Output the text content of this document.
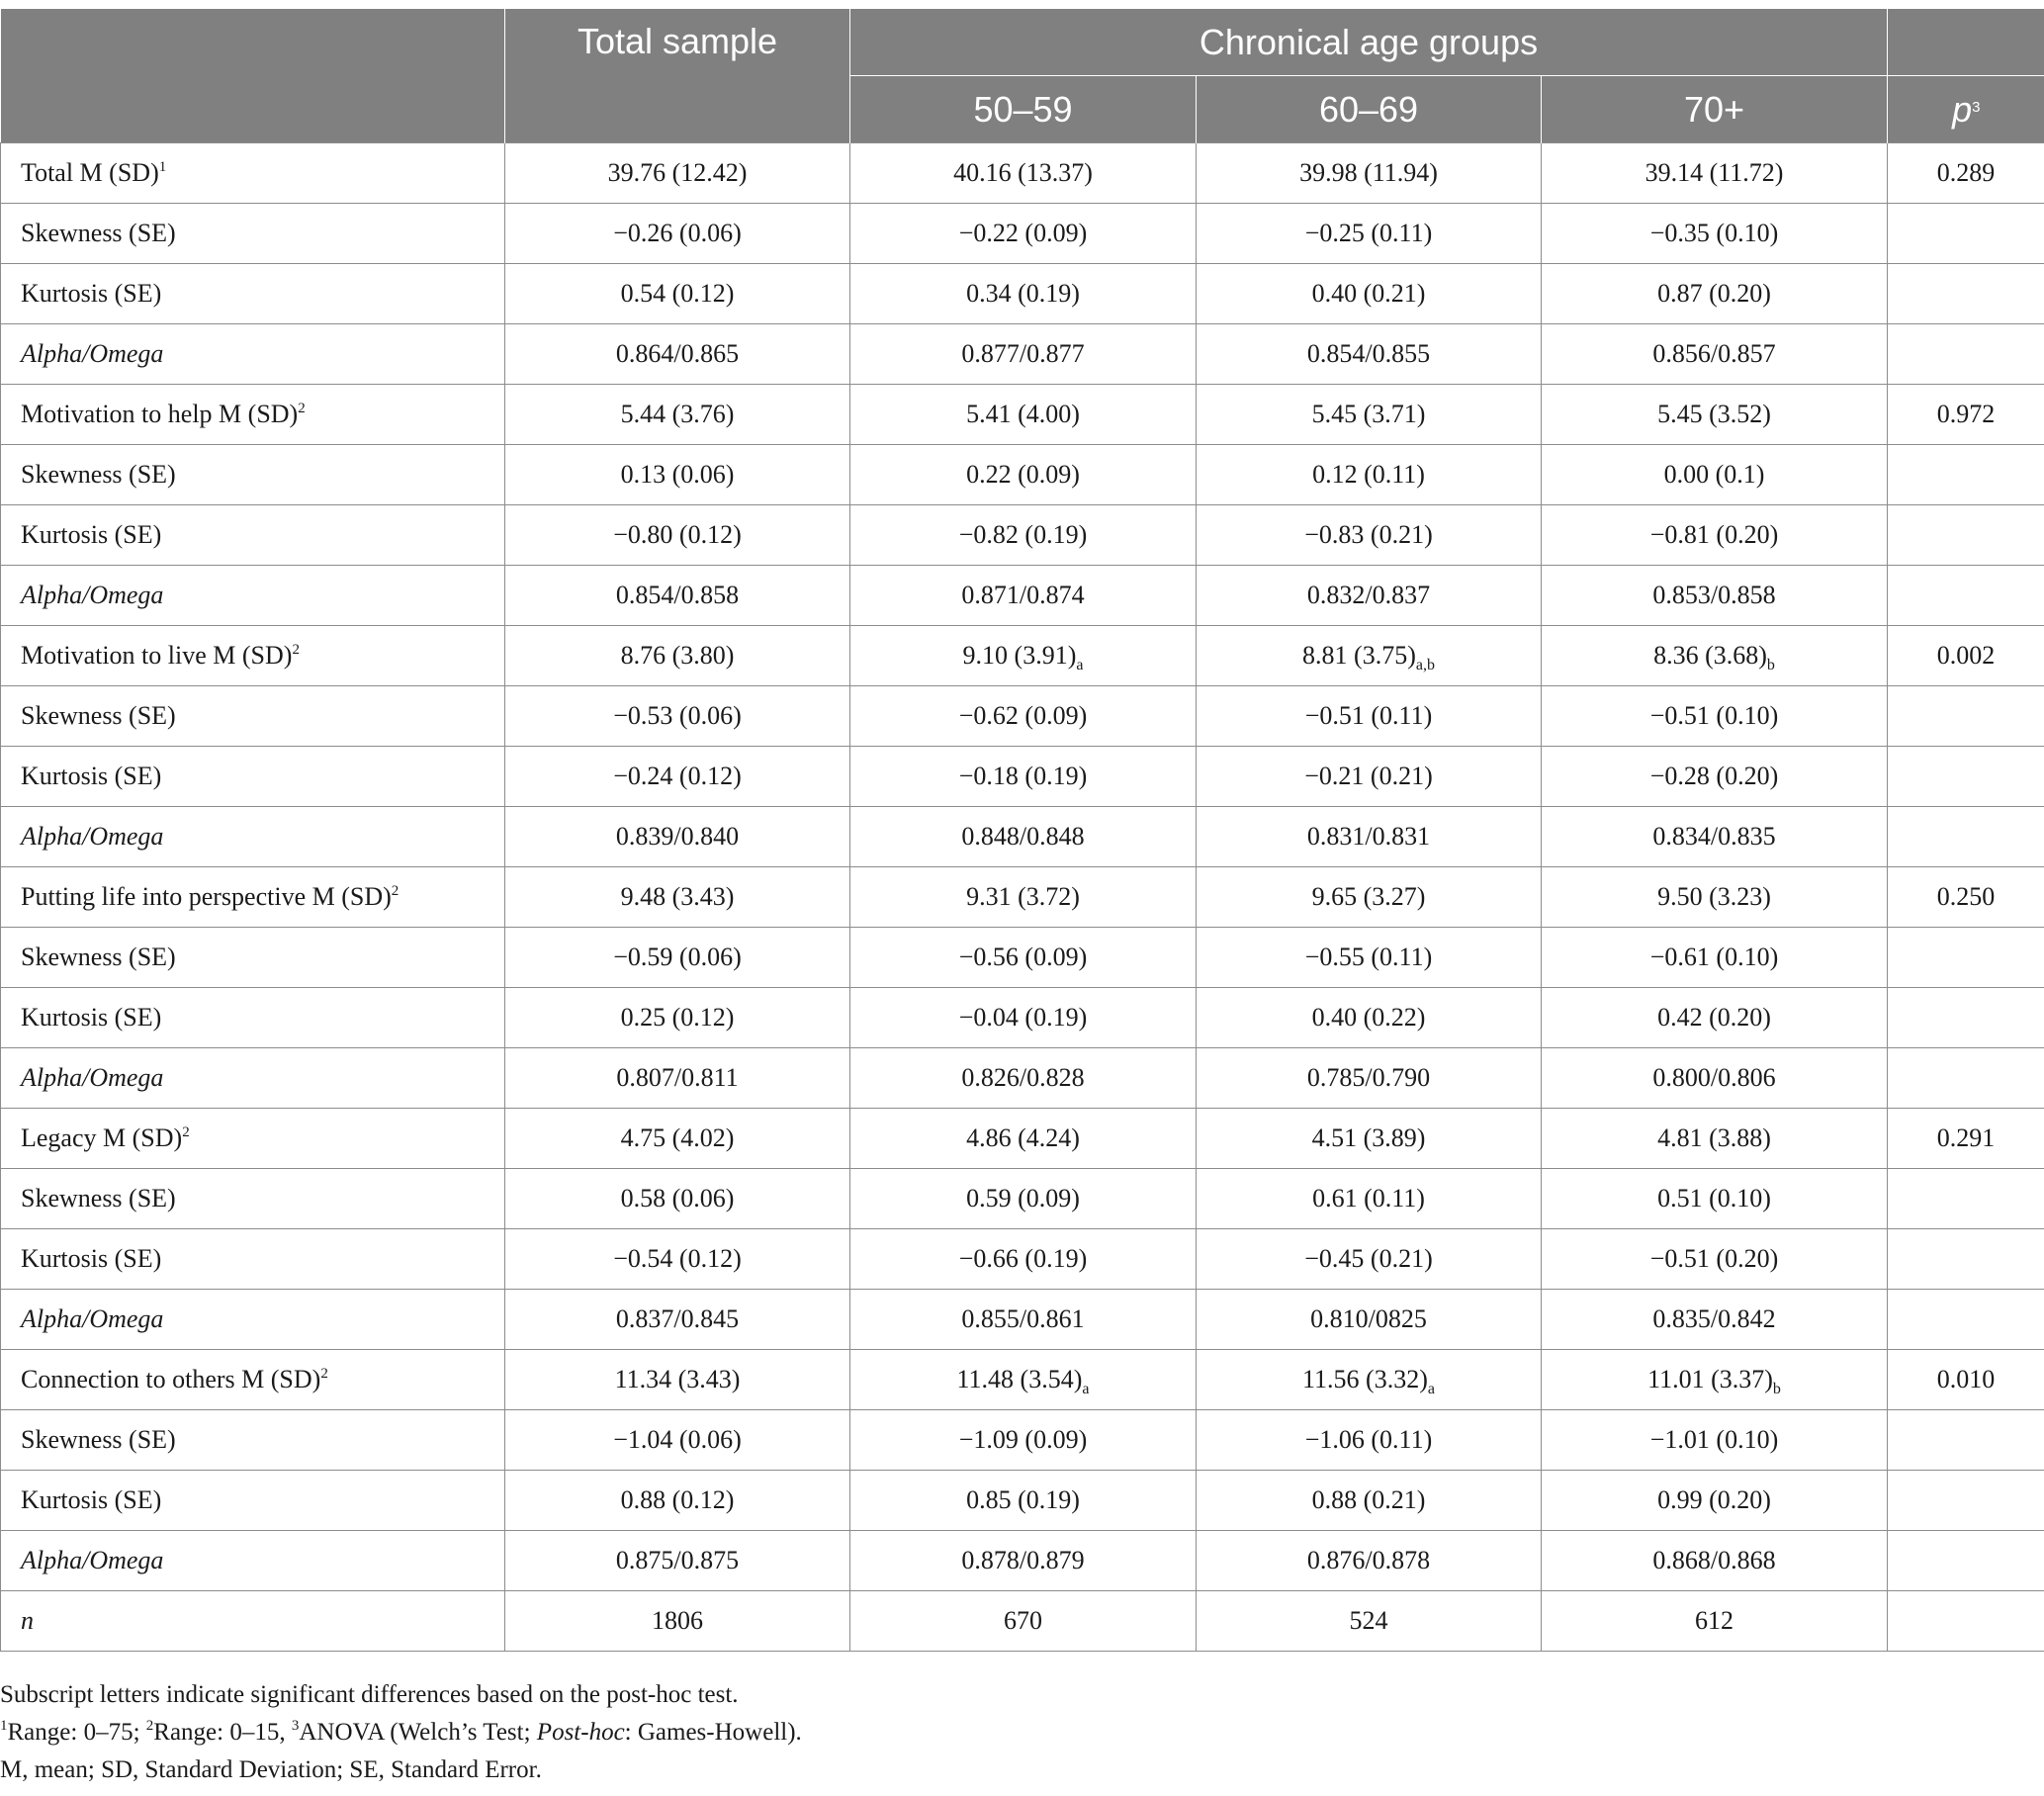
	Total sample	Chronical age groups			
		50–59	60–69	70+	$p^3$
Total M (SD)$^1$	39.76 (12.42)	40.16 (13.37)	39.98 (11.94)	39.14 (11.72)	0.289
Skewness (SE)	−0.26 (0.06)	−0.22 (0.09)	−0.25 (0.11)	−0.35 (0.10)	
Kurtosis (SE)	0.54 (0.12)	0.34 (0.19)	0.40 (0.21)	0.87 (0.20)	
Alpha/Omega	0.864/0.865	0.877/0.877	0.854/0.855	0.856/0.857	
Motivation to help M (SD)$^2$	5.44 (3.76)	5.41 (4.00)	5.45 (3.71)	5.45 (3.52)	0.972
Skewness (SE)	0.13 (0.06)	0.22 (0.09)	0.12 (0.11)	0.00 (0.1)	
Kurtosis (SE)	−0.80 (0.12)	−0.82 (0.19)	−0.83 (0.21)	−0.81 (0.20)	
Alpha/Omega	0.854/0.858	0.871/0.874	0.832/0.837	0.853/0.858	
Motivation to live M (SD)$^2$	8.76 (3.80)	9.10 $(3.91)_a$	8.81 $(3.75)_{a,b}$	8.36 $(3.68)_b$	0.002
Skewness (SE)	−0.53 (0.06)	−0.62 (0.09)	−0.51 (0.11)	−0.51 (0.10)	
Kurtosis (SE)	−0.24 (0.12)	−0.18 (0.19)	−0.21 (0.21)	−0.28 (0.20)	
Alpha/Omega	0.839/0.840	0.848/0.848	0.831/0.831	0.834/0.835	
Putting life into perspective M (SD)$^2$	9.48 (3.43)	9.31 (3.72)	9.65 (3.27)	9.50 (3.23)	0.250
Skewness (SE)	−0.59 (0.06)	−0.56 (0.09)	−0.55 (0.11)	−0.61 (0.10)	
Kurtosis (SE)	0.25 (0.12)	−0.04 (0.19)	0.40 (0.22)	0.42 (0.20)	
Alpha/Omega	0.807/0.811	0.826/0.828	0.785/0.790	0.800/0.806	
Legacy M (SD)$^2$	4.75 (4.02)	4.86 (4.24)	4.51 (3.89)	4.81 (3.88)	0.291
Skewness (SE)	0.58 (0.06)	0.59 (0.09)	0.61 (0.11)	0.51 (0.10)	
Kurtosis (SE)	−0.54 (0.12)	−0.66 (0.19)	−0.45 (0.21)	−0.51 (0.20)	
Alpha/Omega	0.837/0.845	0.855/0.861	0.810/0825	0.835/0.842	
Connection to others M (SD)$^2$	11.34 (3.43)	11.48 $(3.54)_a$	11.56 $(3.32)_a$	11.01 $(3.37)_b$	0.010
Skewness (SE)	−1.04 (0.06)	−1.09 (0.09)	−1.06 (0.11)	−1.01 (0.10)	
Kurtosis (SE)	0.88 (0.12)	0.85 (0.19)	0.88 (0.21)	0.99 (0.20)	
Alpha/Omega	0.875/0.875	0.878/0.879	0.876/0.878	0.868/0.868	
n	1806	670	524	612	
Subscript letters indicate significant differences based on the post-hoc test.
$^1$Range: 0–75; $^2$Range: 0–15, $^3$ANOVA (Welch’s Test; Post-hoc: Games-Howell).
M, mean; SD, Standard Deviation; SE, Standard Error.
